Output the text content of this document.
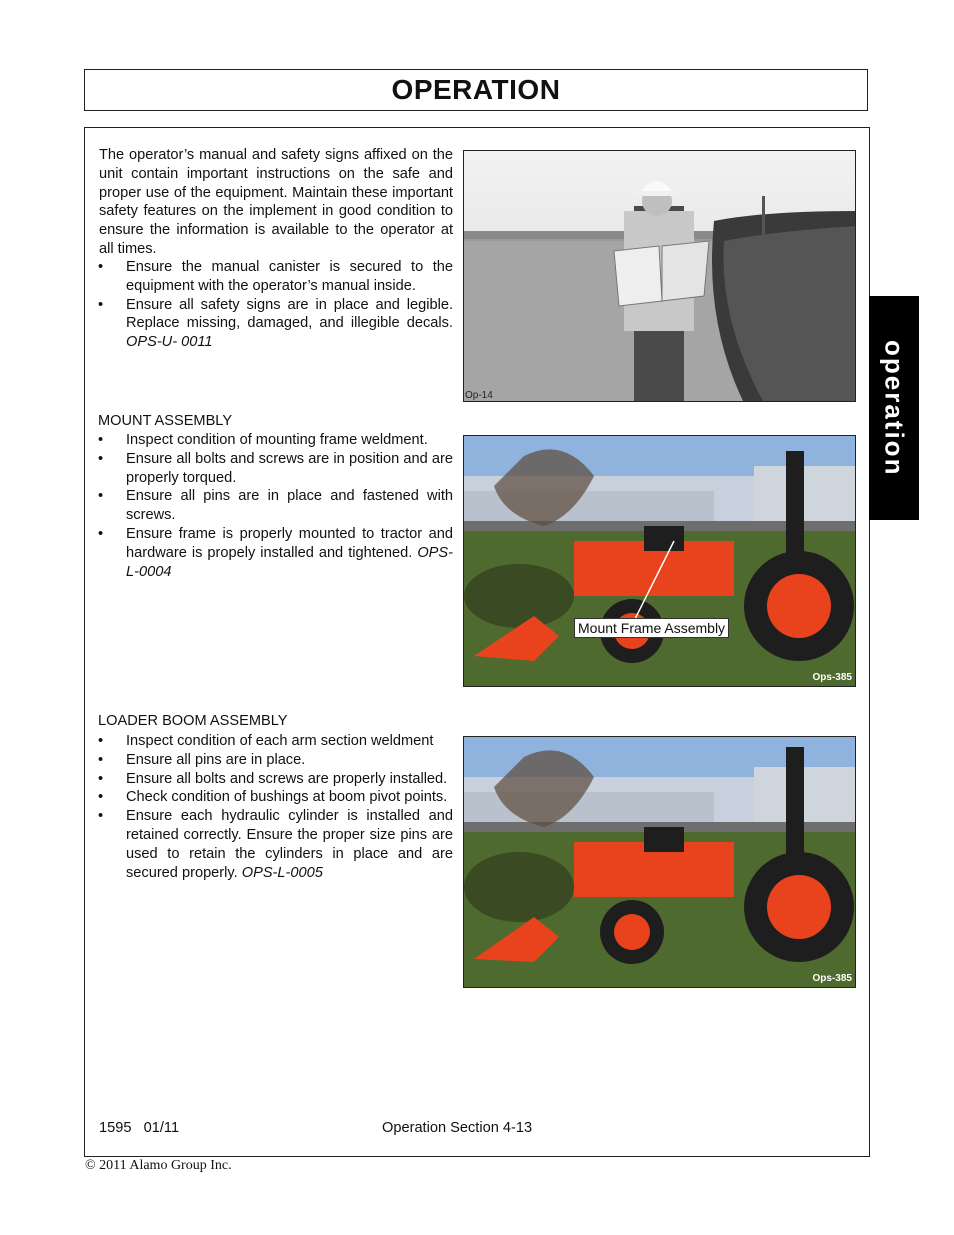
OPERATION
operation

The operator’s manual and safety signs affixed on the unit contain important instructions on the safe and proper use of the equipment. Maintain these important safety features on the implement in good condition to ensure the information is available to the operator at all times.

• Ensure the manual canister is secured to the equipment with the operator’s manual inside.
• Ensure all safety signs are in place and legible. Replace missing, damaged, and illegible decals. OPS-U- 0011
Op-14
MOUNT ASSEMBLY
• Inspect condition of mounting frame weldment.
• Ensure all bolts and screws are in position and are properly torqued.
• Ensure all pins are in place and fastened with screws.
• Ensure frame is properly mounted to tractor and hardware is propely installed and tightened. OPS-L-0004
Mount Frame Assembly
Ops-385
LOADER BOOM ASSEMBLY
• Inspect condition of each arm section weldment
• Ensure all pins are in place.
• Ensure all bolts and screws are properly installed.
• Check condition of bushings at boom pivot points.
• Ensure each hydraulic cylinder is installed and retained correctly. Ensure the proper size pins are used to retain the cylinders in place and are secured properly. OPS-L-0005
Ops-385
1595   01/11	Operation Section 4-13
© 2011 Alamo Group Inc.
